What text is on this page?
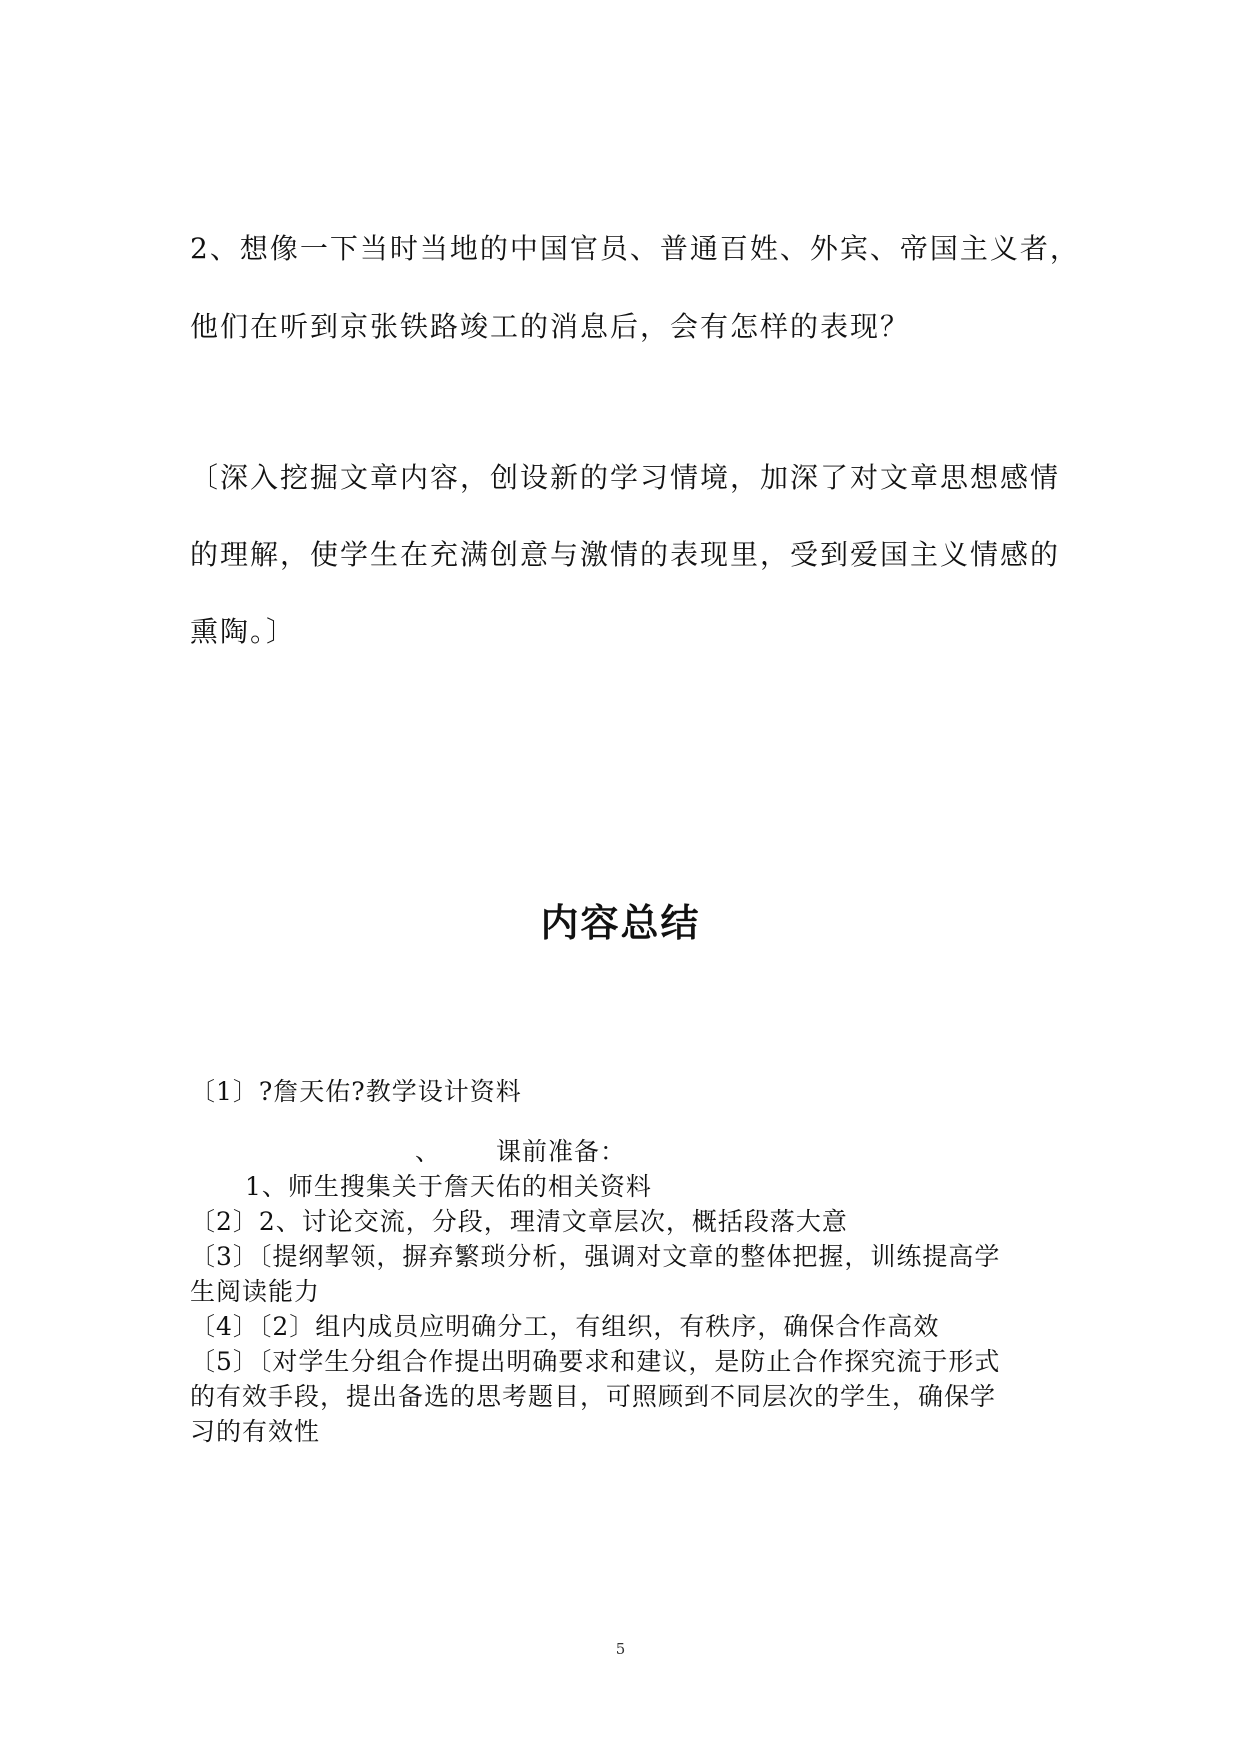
2、想像一下当时当地的中国官员、普通百姓、外宾、帝国主义者，
他们在听到京张铁路竣工的消息后，会有怎样的表现？
〔深入挖掘文章内容，创设新的学习情境，加深了对文章思想感情
的理解，使学生在充满创意与激情的表现里，受到爱国主义情感的
熏陶。〕
内容总结
〔1〕?詹天佑?教学设计资料
、 课前准备：
1、师生搜集关于詹天佑的相关资料
〔2〕2、讨论交流，分段，理清文章层次，概括段落大意
〔3〕〔提纲挈领，摒弃繁琐分析，强调对文章的整体把握，训练提高学
生阅读能力
〔4〕〔2〕组内成员应明确分工，有组织，有秩序，确保合作高效
〔5〕〔对学生分组合作提出明确要求和建议，是防止合作探究流于形式
的有效手段，提出备选的思考题目，可照顾到不同层次的学生，确保学
习的有效性
5
